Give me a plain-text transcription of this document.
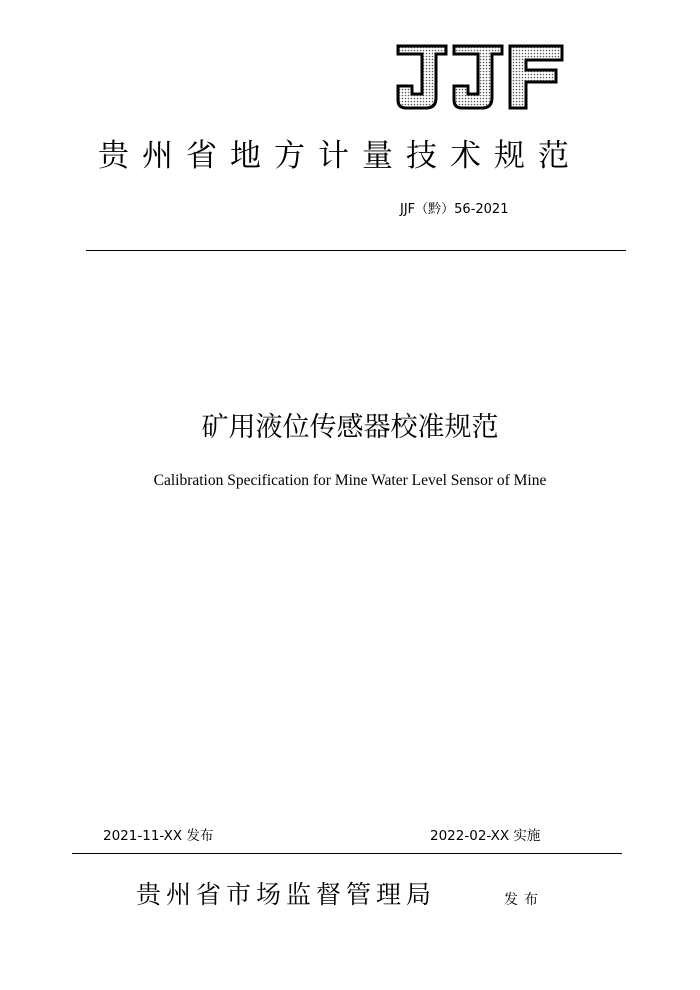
贵州省地方计量技术规范
JJF（黔）56-2021
矿用液位传感器校准规范
Calibration Specification for Mine Water Level Sensor of Mine
2021-11-XX 发布	2022-02-XX 实施
贵州省市场监督管理局	发布
